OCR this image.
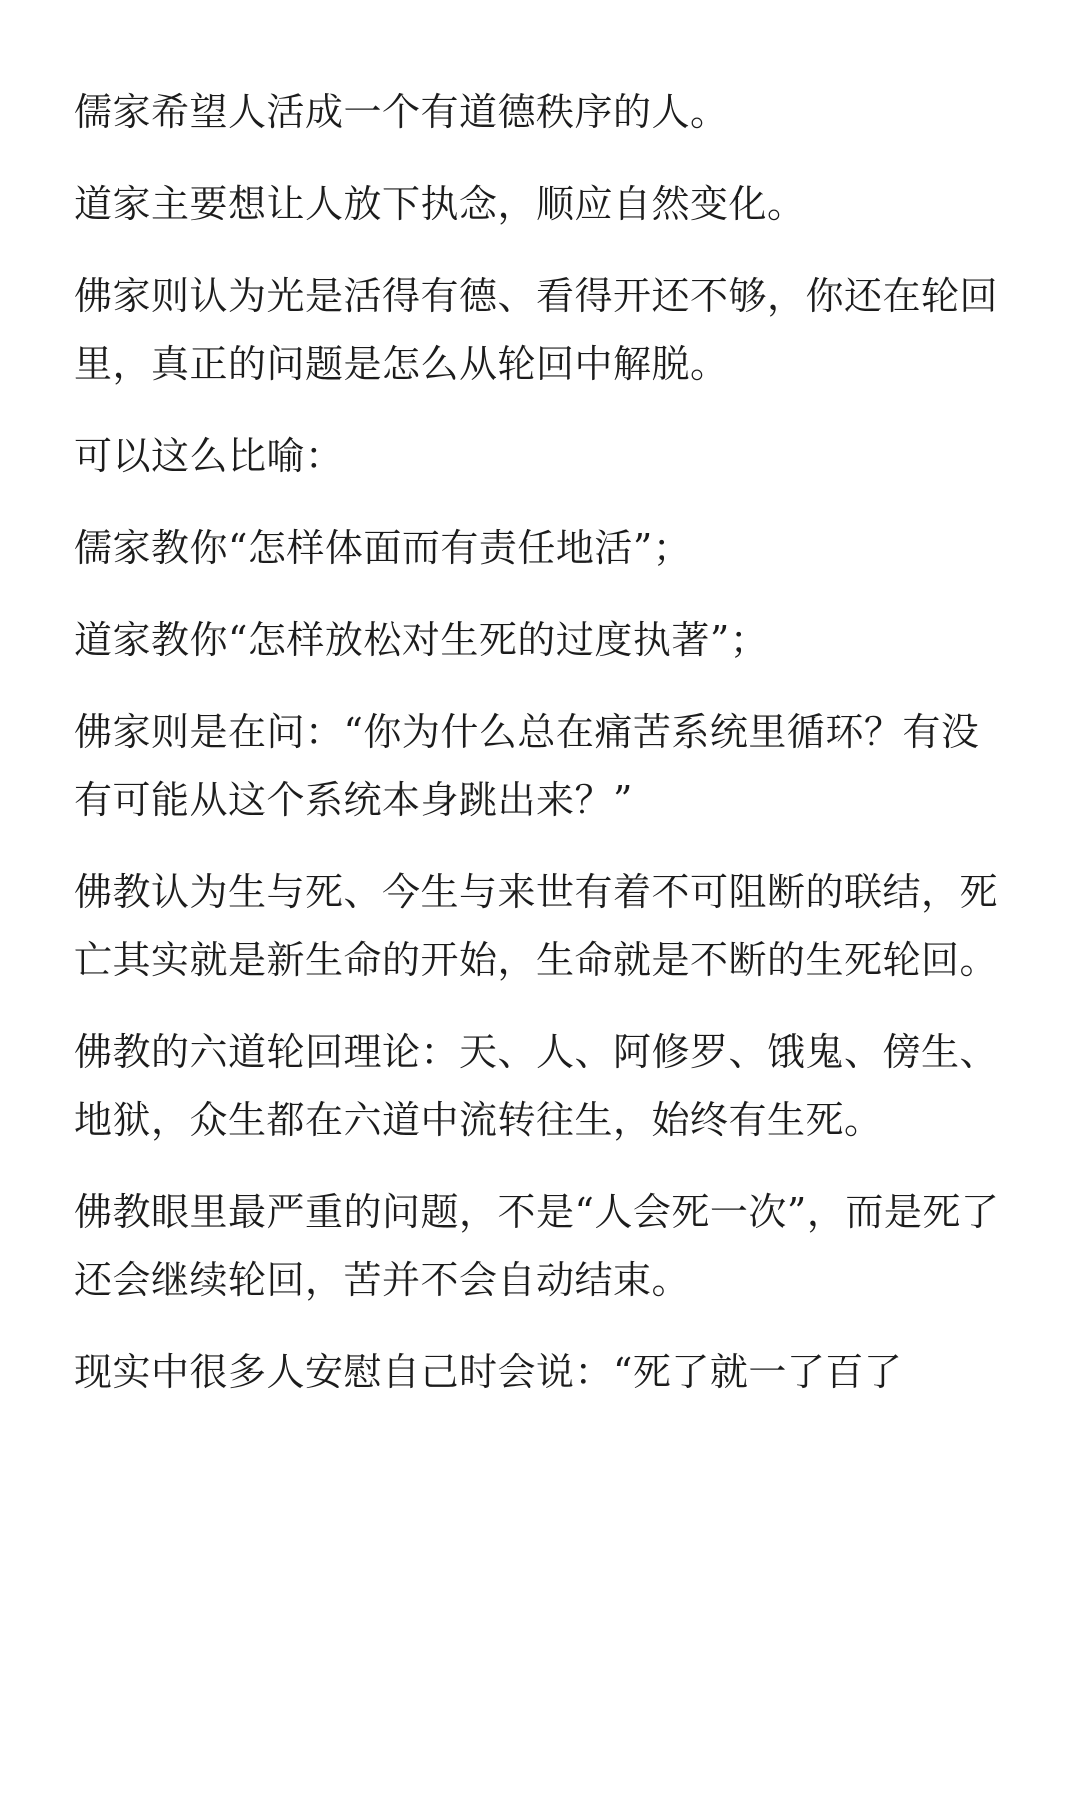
儒家希望人活成一个有道德秩序的人。

道家主要想让人放下执念，顺应自然变化。

佛家则认为光是活得有德、看得开还不够，你还在轮回里，真正的问题是怎么从轮回中解脱。

可以这么比喻：

儒家教你“怎样体面而有责任地活”；

道家教你“怎样放松对生死的过度执著”；

佛家则是在问：“你为什么总在痛苦系统里循环？有没有可能从这个系统本身跳出来？”

佛教认为生与死、今生与来世有着不可阻断的联结，死亡其实就是新生命的开始，生命就是不断的生死轮回。

佛教的六道轮回理论：天、人、阿修罗、饿鬼、傍生、地狱，众生都在六道中流转往生，始终有生死。

佛教眼里最严重的问题，不是“人会死一次”，而是死了还会继续轮回，苦并不会自动结束。

现实中很多人安慰自己时会说：“死了就一了百了
